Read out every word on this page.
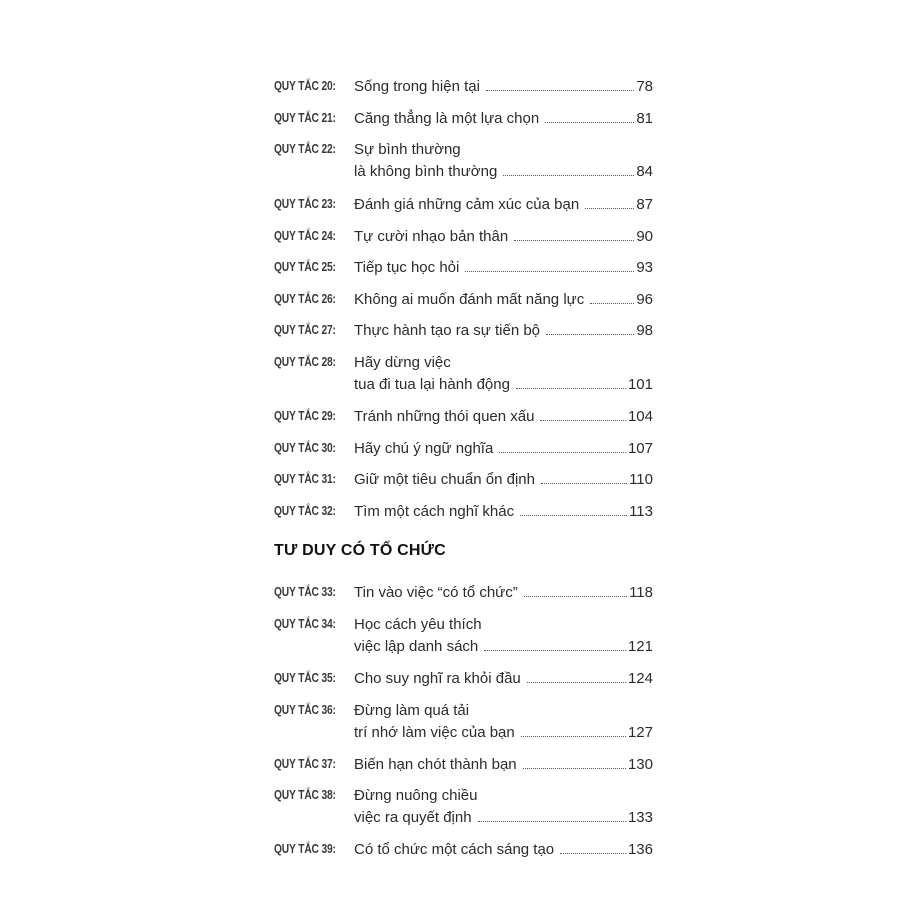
QUY TẮC 20: Sống trong hiện tại	78
QUY TẮC 21: Căng thẳng là một lựa chọn	81
QUY TẮC 22: Sự bình thường
là không bình thường	84
QUY TẮC 23: Đánh giá những cảm xúc của bạn	87
QUY TẮC 24: Tự cười nhạo bản thân	90
QUY TẮC 25: Tiếp tục học hỏi	93
QUY TẮC 26: Không ai muốn đánh mất năng lực	96
QUY TẮC 27: Thực hành tạo ra sự tiến bộ	98
QUY TẮC 28: Hãy dừng việc
tua đi tua lại hành động	101
QUY TẮC 29: Tránh những thói quen xấu	104
QUY TẮC 30: Hãy chú ý ngữ nghĩa	107
QUY TẮC 31: Giữ một tiêu chuẩn ổn định	110
QUY TẮC 32: Tìm một cách nghĩ khác	113
TƯ DUY CÓ TỔ CHỨC
QUY TẮC 33: Tin vào việc “có tổ chức”	118
QUY TẮC 34: Học cách yêu thích
việc lập danh sách	121
QUY TẮC 35: Cho suy nghĩ ra khỏi đầu	124
QUY TẮC 36: Đừng làm quá tải
trí nhớ làm việc của bạn	127
QUY TẮC 37: Biến hạn chót thành bạn	130
QUY TẮC 38: Đừng nuông chiều
việc ra quyết định	133
QUY TẮC 39: Có tổ chức một cách sáng tạo	136
